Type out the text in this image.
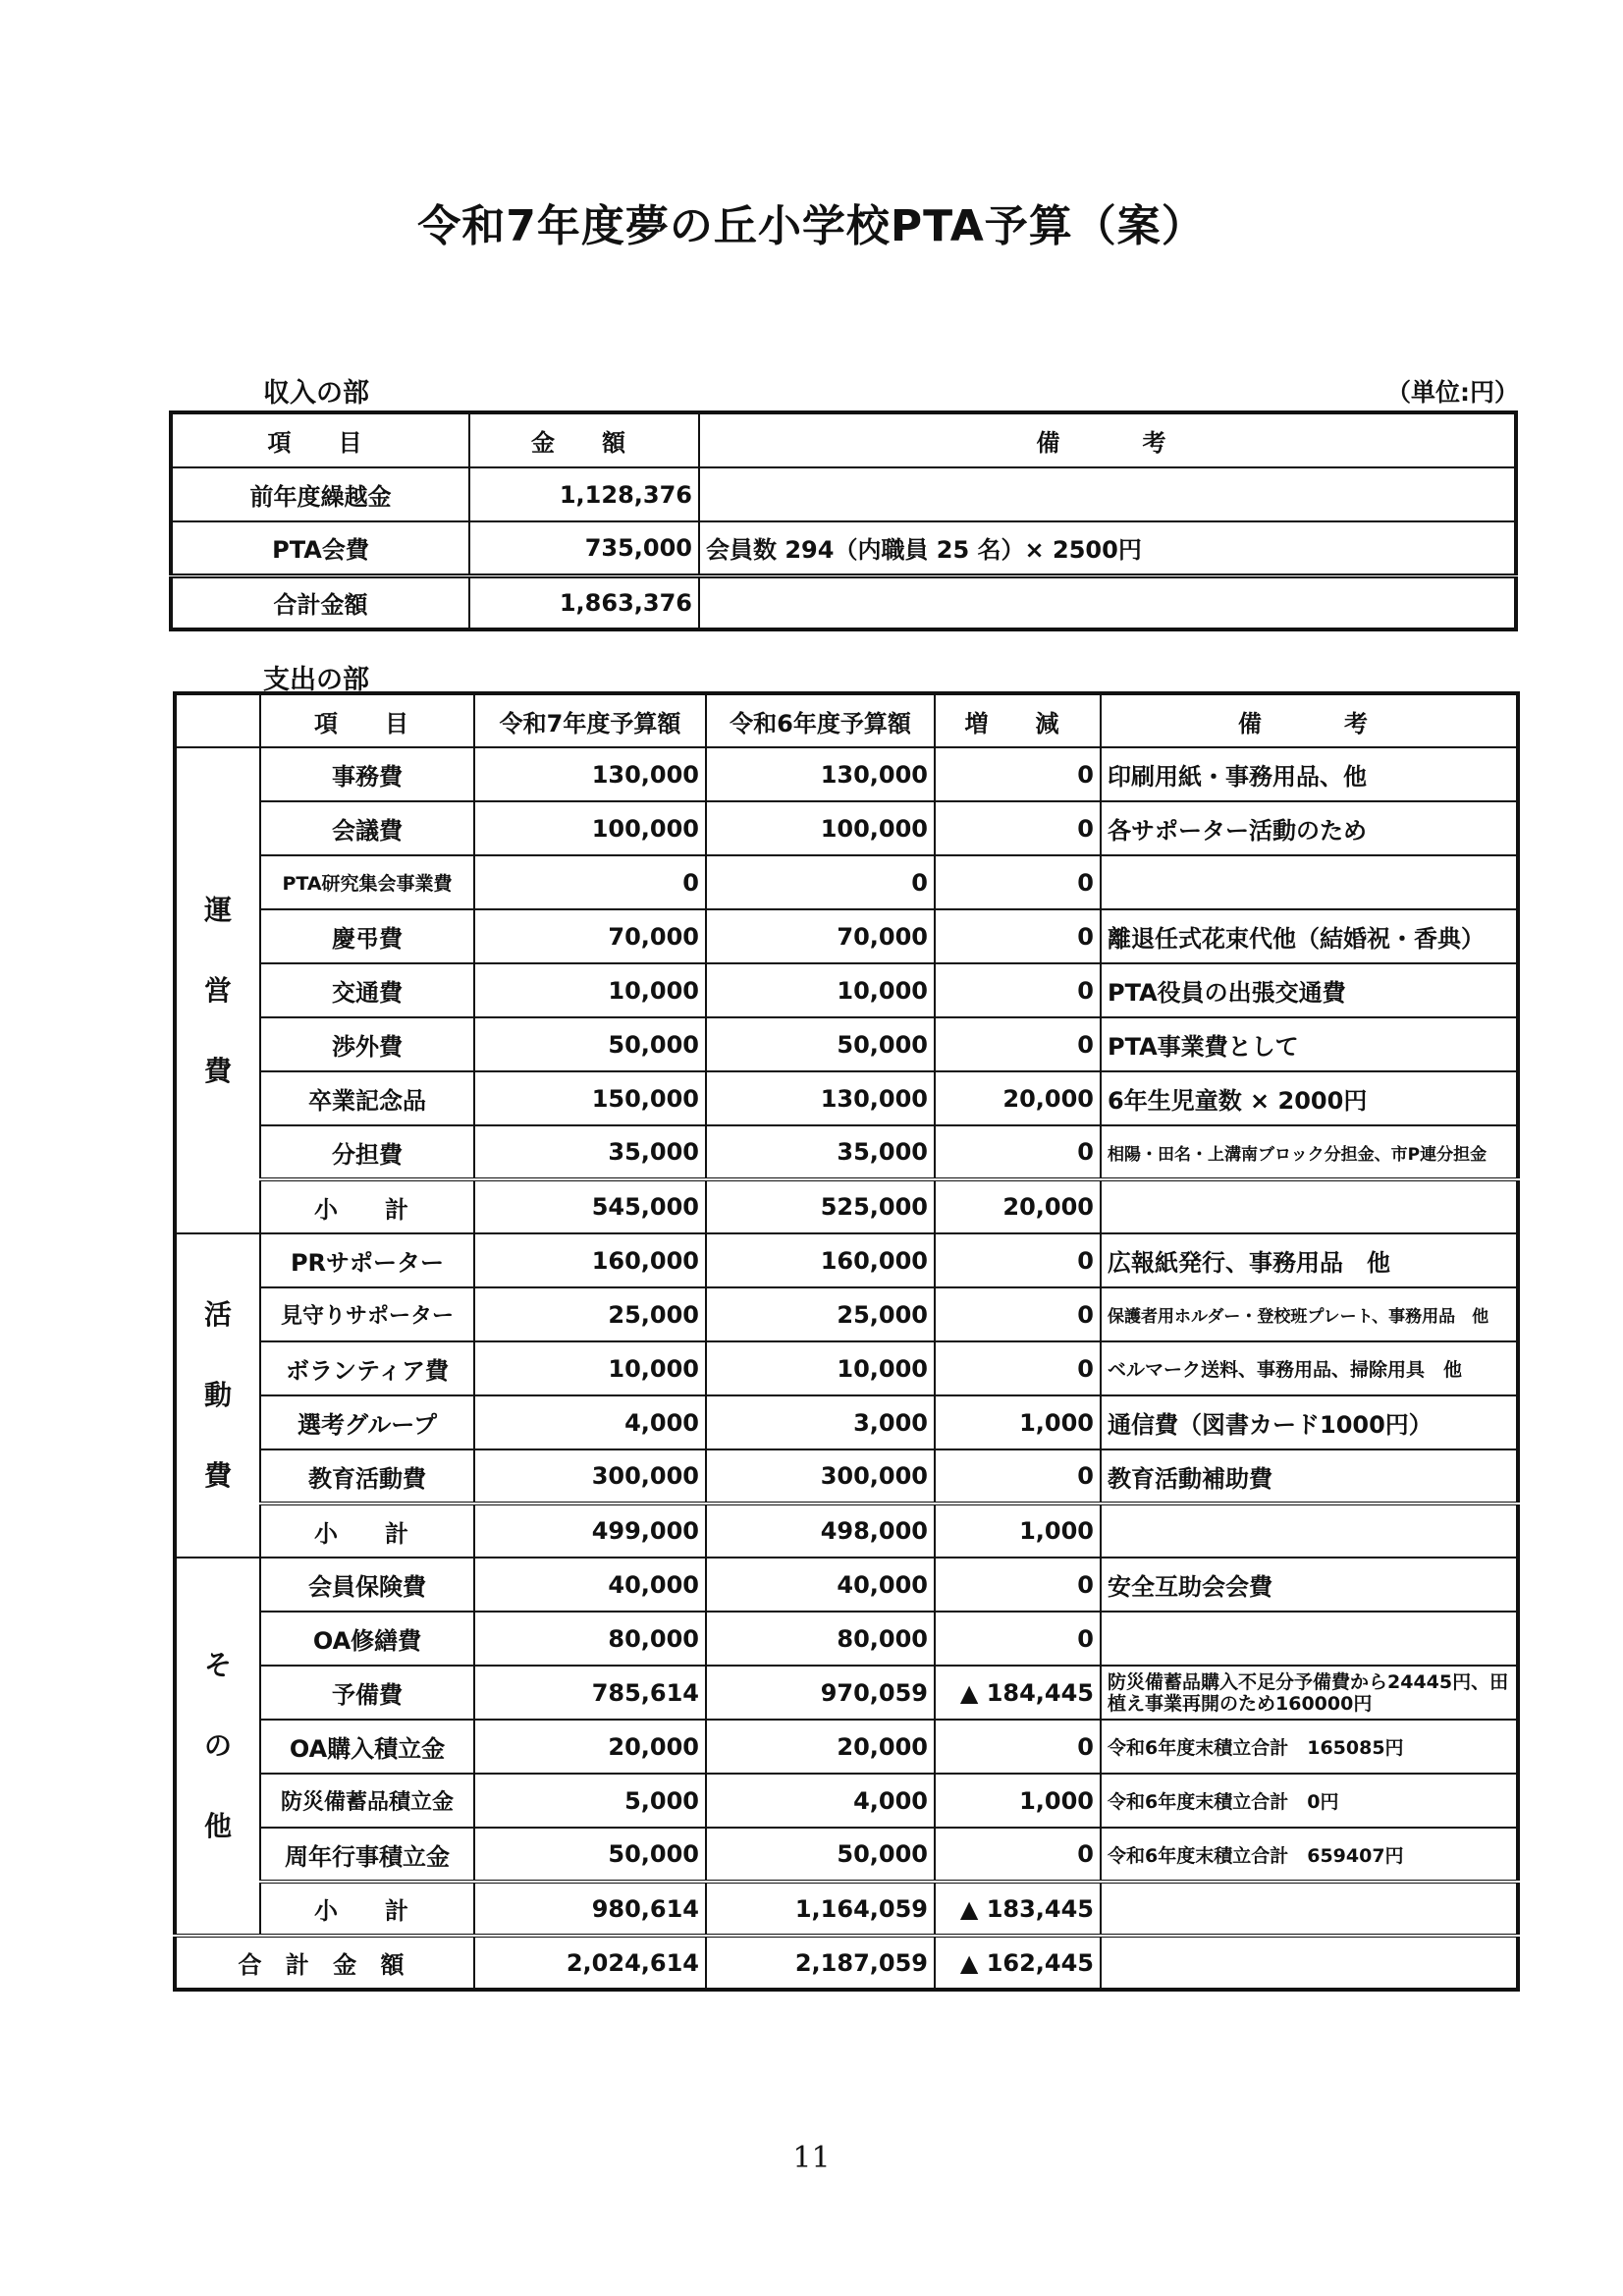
令和7年度夢の丘小学校PTA予算（案）
収入の部	（単位:円）
項　目	金　額	備　　考
前年度繰越金	1,128,376	
PTA会費	735,000	会員数 294（内職員 25 名）× 2500円
合計金額	1,863,376	
支出の部
	項　目	令和7年度予算額	令和6年度予算額	増　減	備　　考

運
営
費	事務費	130,000	130,000	0	印刷用紙・事務用品、他
	会議費	100,000	100,000	0	各サポーター活動のため
	PTA研究集会事業費	0	0	0	
	慶弔費	70,000	70,000	0	離退任式花束代他（結婚祝・香典）
	交通費	10,000	10,000	0	PTA役員の出張交通費
	渉外費	50,000	50,000	0	PTA事業費として
	卒業記念品	150,000	130,000	20,000	6年生児童数 × 2000円
	分担費	35,000	35,000	0	相陽・田名・上溝南ブロック分担金、市P連分担金
	小　計	545,000	525,000	20,000	

活
動
費	PRサポーター	160,000	160,000	0	広報紙発行、事務用品　他
	見守りサポーター	25,000	25,000	0	保護者用ホルダー・登校班プレート、事務用品　他
	ボランティア費	10,000	10,000	0	ベルマーク送料、事務用品、掃除用具　他
	選考グループ	4,000	3,000	1,000	通信費（図書カード1000円）
	教育活動費	300,000	300,000	0	教育活動補助費
	小　計	499,000	498,000	1,000	

そ
の
他	会員保険費	40,000	40,000	0	安全互助会会費
	OA修繕費	80,000	80,000	0	
	予備費	785,614	970,059	▲ 184,445	防災備蓄品購入不足分予備費から24445円、田植え事業再開のため160000円
	OA購入積立金	20,000	20,000	0	令和6年度末積立合計　165085円
	防災備蓄品積立金	5,000	4,000	1,000	令和6年度末積立合計　0円
	周年行事積立金	50,000	50,000	0	令和6年度末積立合計　659407円
	小　計	980,614	1,164,059	▲ 183,445	
合 計 金 額		2,024,614	2,187,059	▲ 162,445	
11
